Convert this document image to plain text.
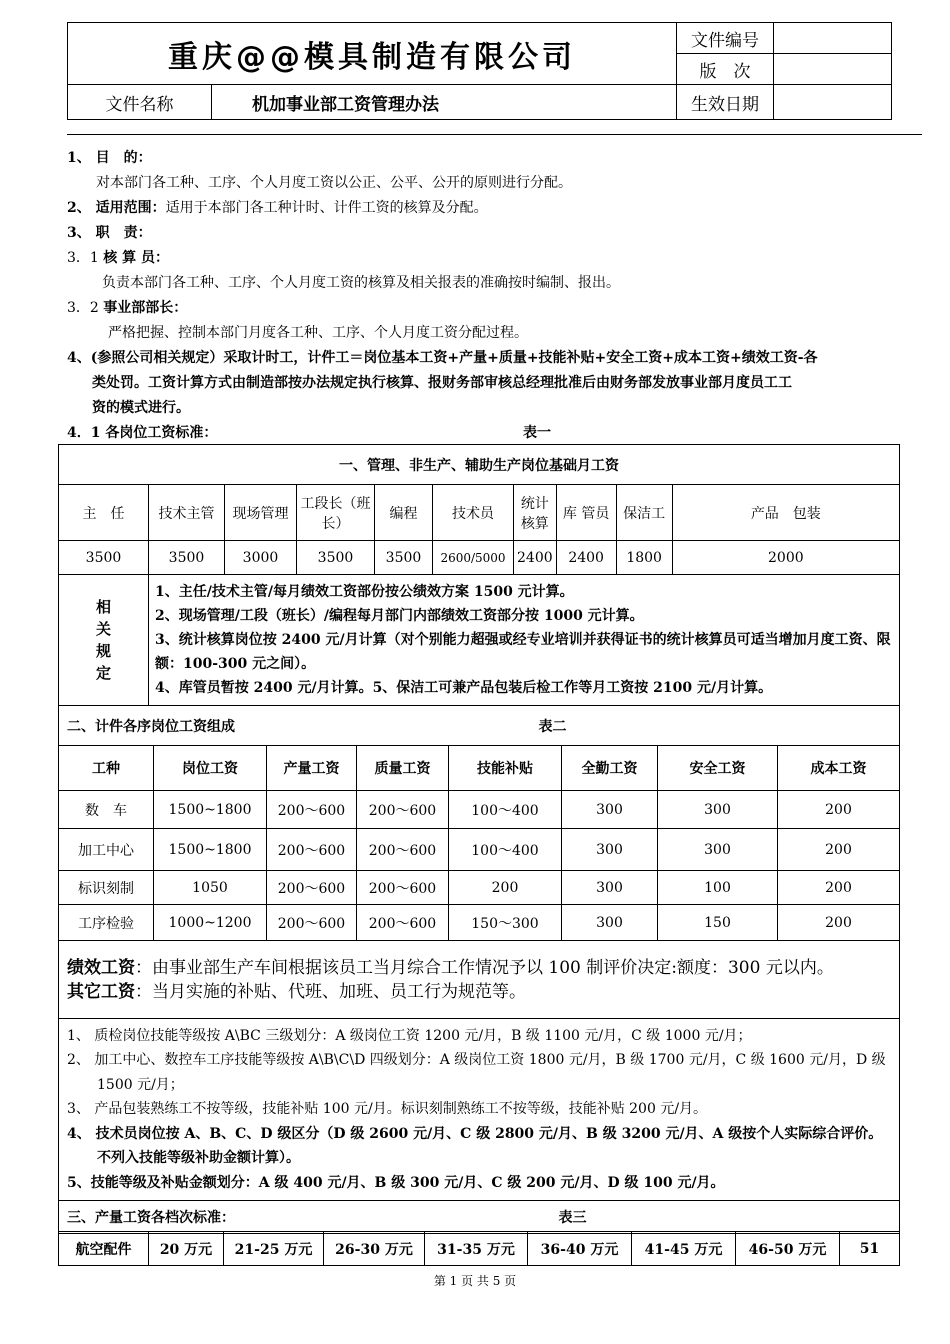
重庆@@模具制造有限公司		文件编号	
		版　次	
文件名称	机加事业部工资管理办法	生效日期	
1、 目　的：
对本部门各工种、工序、个人月度工资以公正、公平、公开的原则进行分配。
2、 适用范围：适用于本部门各工种计时、计件工资的核算及分配。
3、 职　责：
3．1 核 算 员：
负责本部门各工种、工序、个人月度工资的核算及相关报表的准确按时编制、报出。
3．2 事业部部长：
严格把握、控制本部门月度各工种、工序、个人月度工资分配过程。
4、(参照公司相关规定）采取计时工，计件工＝岗位基本工资+产量+质量+技能补贴+安全工资+成本工资+绩效工资-各
类处罚。工资计算方式由制造部按办法规定执行核算、报财务部审核总经理批准后由财务部发放事业部月度员工工
资的模式进行。
4．1 各岗位工资标准：	表一
一、管理、非生产、辅助生产岗位基础月工资									
主　任	技术主管	现场管理	工段长（班长）	编程	技术员	统计核算	库 管员	保洁工	产品　包装
3500	3500	3000	3500	3500	2600/5000	2400	2400	1800	2000

相关规定	1、主任/技术主管/每月绩效工资部份按公绩效方案 1500 元计算。
2、现场管理/工段（班长）/编程每月部门内部绩效工资部分按 1000 元计算。
3、统计核算岗位按 2400 元/月计算（对个别能力超强或经专业培训并获得证书的统计核算员可适当增加月度工资、限额：100-300 元之间）。
4、库管员暂按 2400 元/月计算。5、保洁工可兼产品包装后检工作等月工资按 2100 元/月计算。								
二、计件各序岗位工资组成 表二							

工种	岗位工资	产量工资	质量工资	技能补贴	全勤工资	安全工资	成本工资
数　车	1500~1800	200～600	200～600	100～400	300	300	200
加工中心	1500~1800	200～600	200～600	100～400	300	300	200
标识刻制	1050	200～600	200～600	200	300	100	200
工序检验	1000~1200	200～600	200～600	150～300	300	150	200

绩效工资：由事业部生产车间根据该员工当月综合工作情况予以 100 制评价决定:额度：300 元以内。
其它工资：当月实施的补贴、代班、加班、员工行为规范等。							

1、 质检岗位技能等级按 A\BC 三级划分：A 级岗位工资 1200 元/月，B 级 1100 元/月，C 级 1000 元/月；
2、 加工中心、数控车工序技能等级按 A\B\C\D 四级划分：A 级岗位工资 1800 元/月，B 级 1700 元/月，C 级 1600 元/月，D 级 1500 元/月；
3、 产品包装熟练工不按等级，技能补贴 100 元/月。标识刻制熟练工不按等级，技能补贴 200 元/月。
4、 技术员岗位按 A、B、C、D 级区分（D 级 2600 元/月、C 级 2800 元/月、B 级 3200 元/月、A 级按个人实际综合评价。不列入技能等级补助金额计算）。
5、技能等级及补贴金额划分：A 级 400 元/月、B 级 300 元/月、C 级 200 元/月、D 级 100 元/月。							

三、产量工资各档次标准： 表三							
航空配件	20 万元	21-25 万元	26-30 万元	31-35 万元	36-40 万元	41-45 万元	46-50 万元	51
第 1 页 共 5 页
